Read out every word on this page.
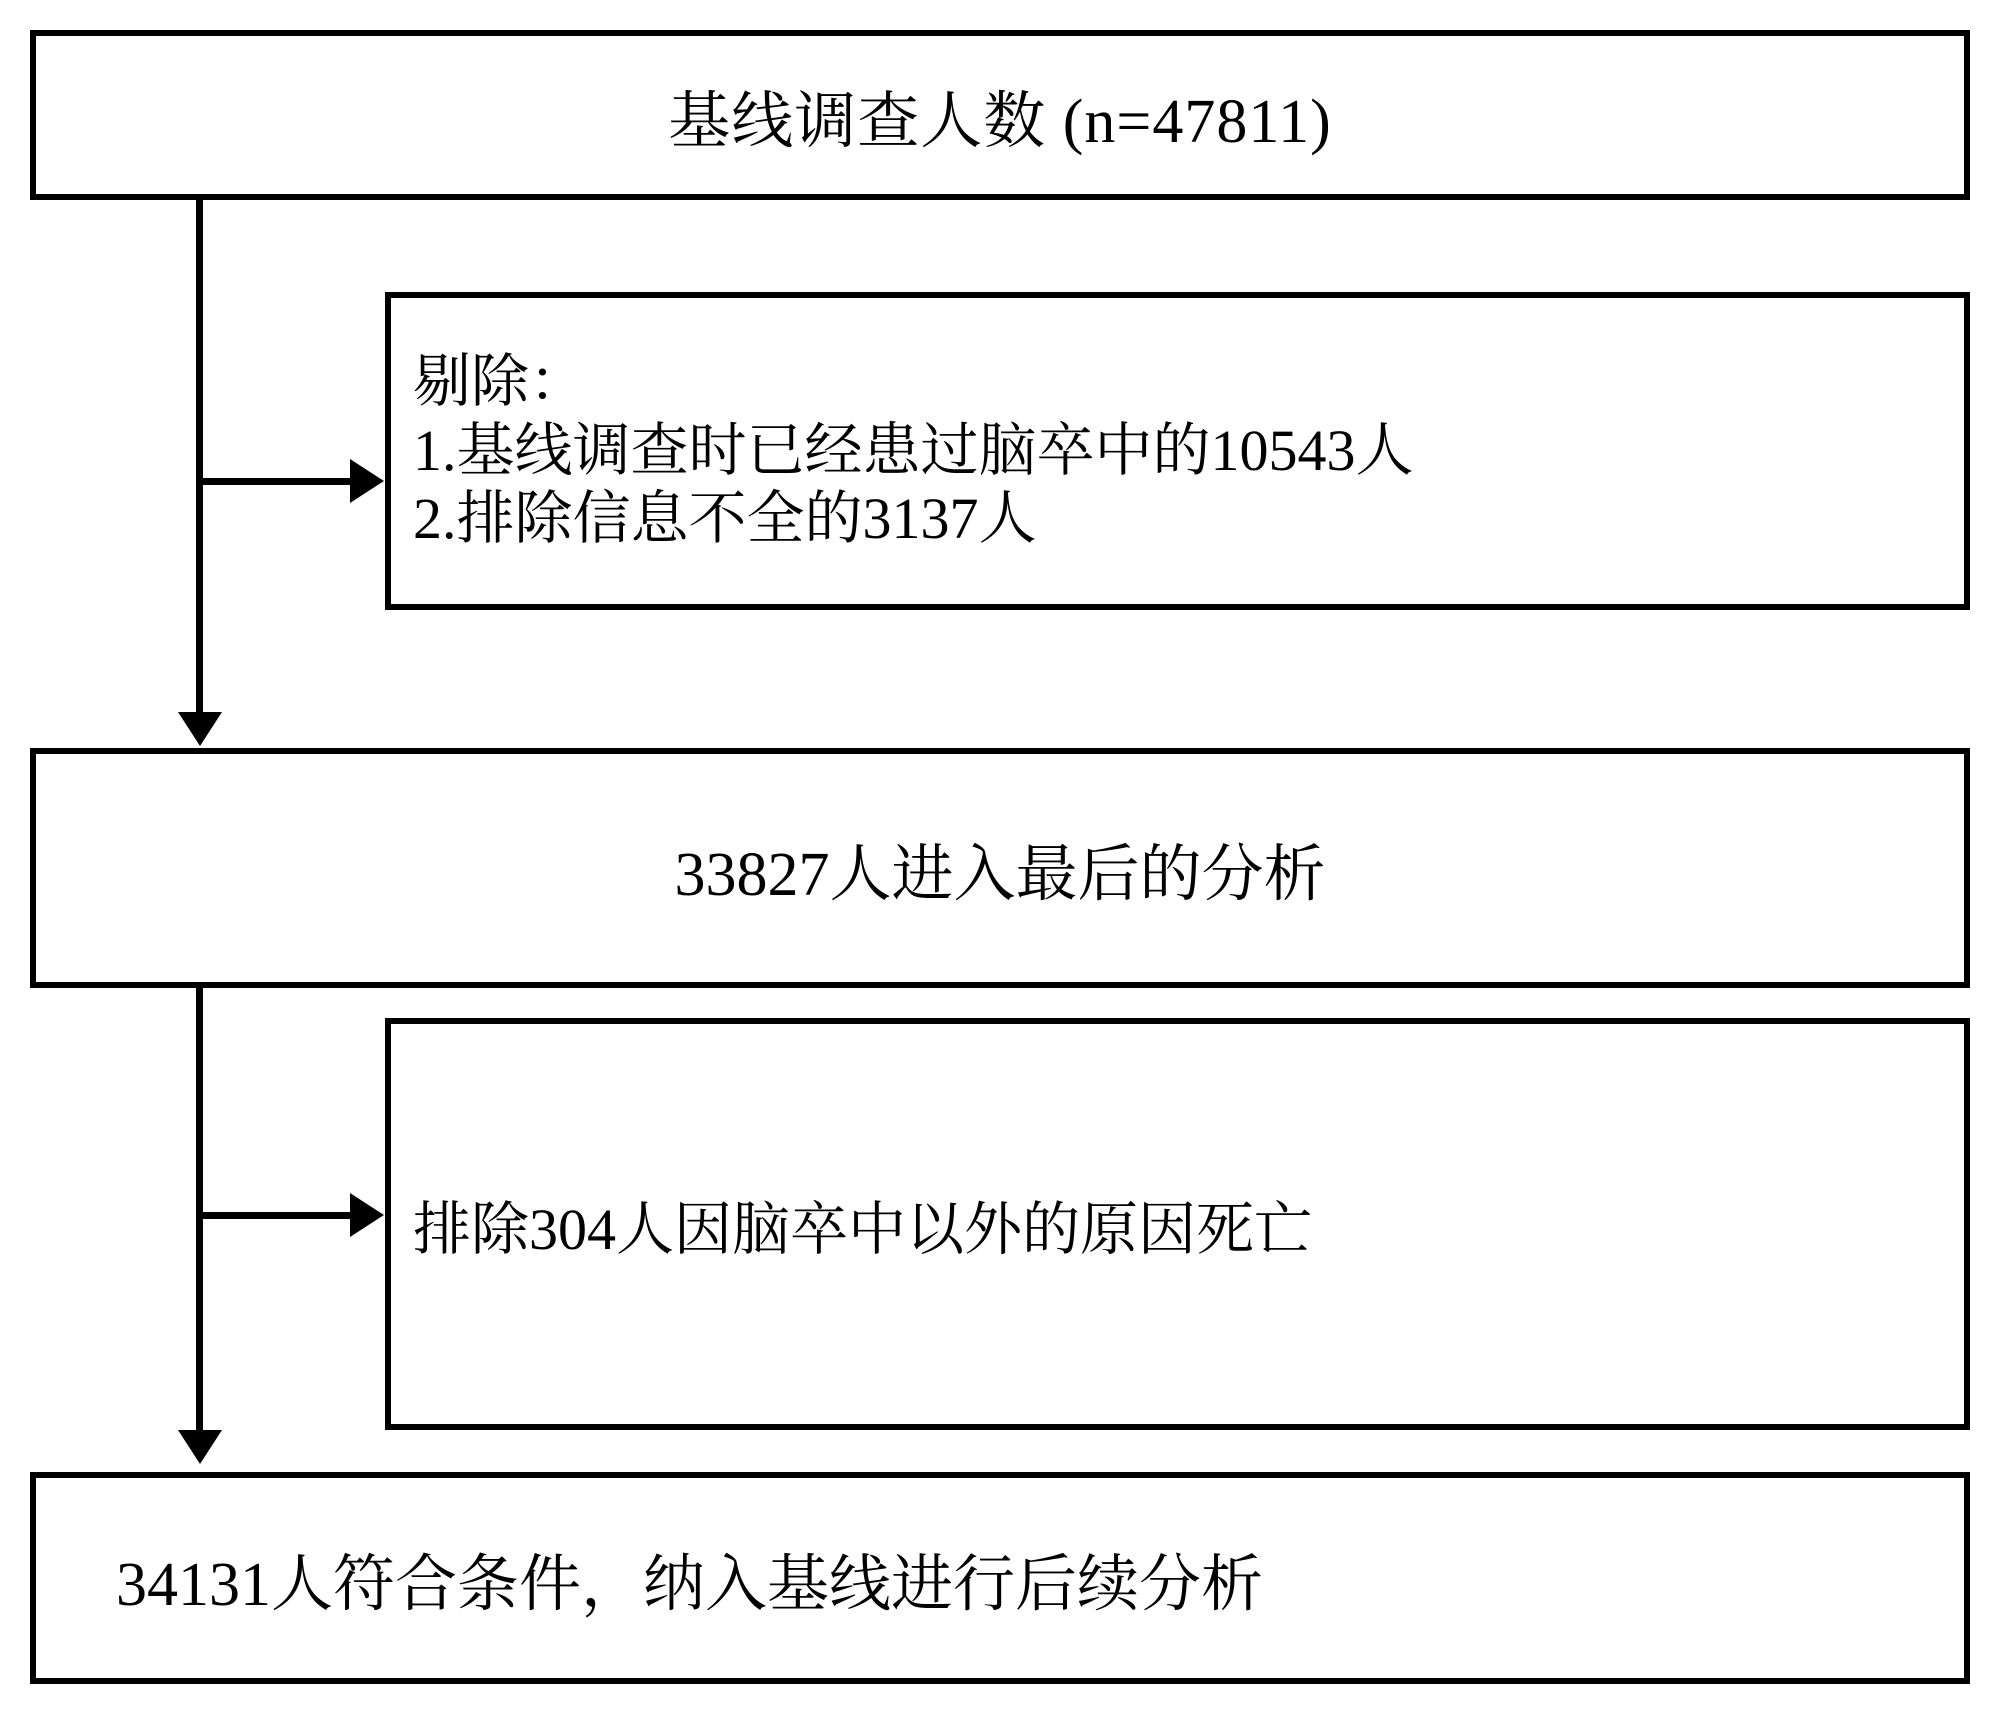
基线调查人数 (n=47811)
剔除：
1.基线调查时已经患过脑卒中的10543人
2.排除信息不全的3137人
33827人进入最后的分析
排除304人因脑卒中以外的原因死亡
34131人符合条件，纳入基线进行后续分析
